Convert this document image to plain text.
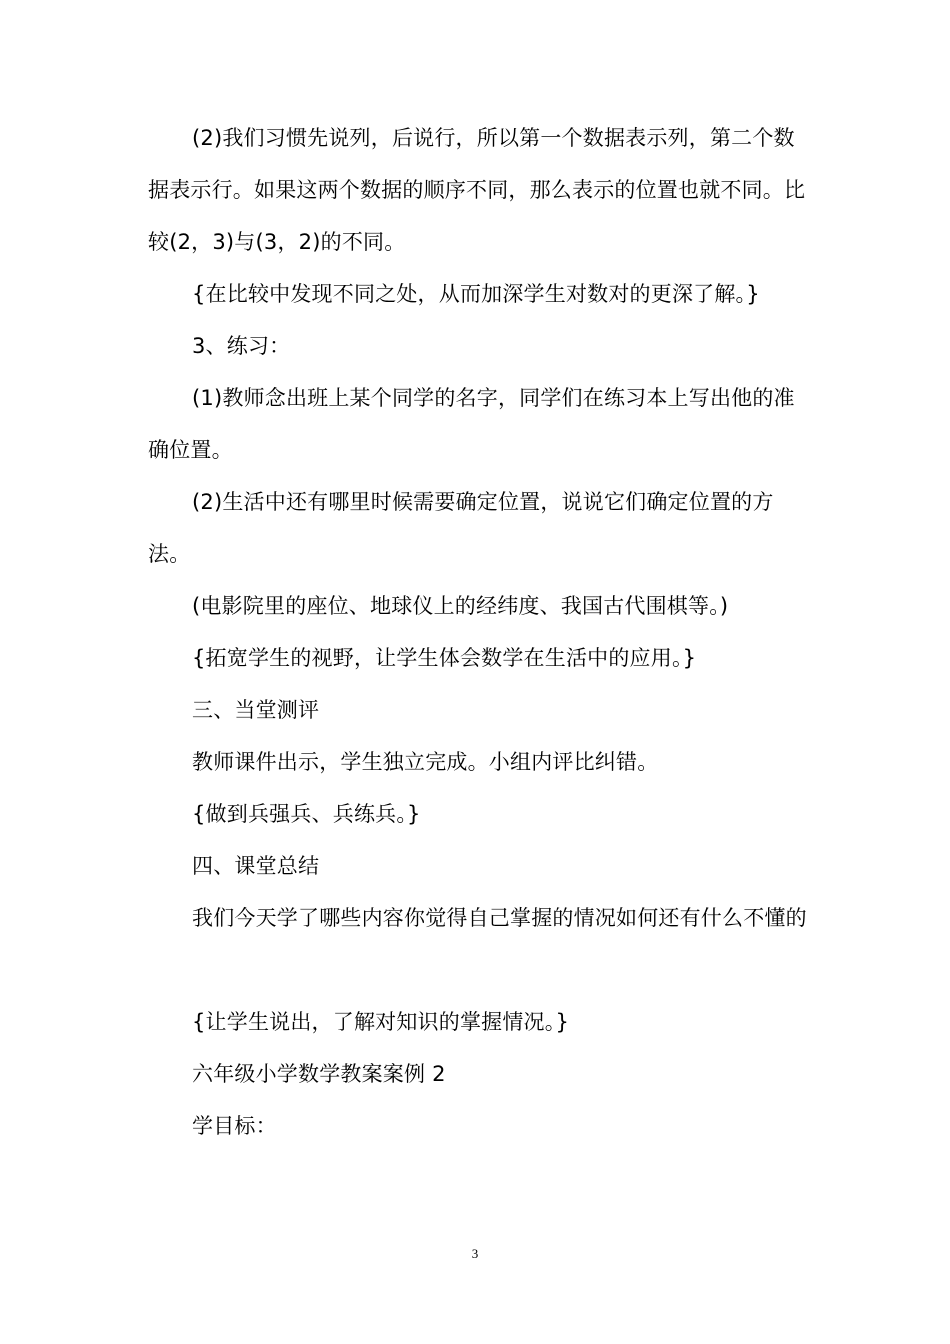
(2)我们习惯先说列，后说行，所以第一个数据表示列，第二个数据表示行。如果这两个数据的顺序不同，那么表示的位置也就不同。比较(2，3)与(3，2)的不同。
{在比较中发现不同之处，从而加深学生对数对的更深了解。}
3、练习：
(1)教师念出班上某个同学的名字，同学们在练习本上写出他的准确位置。
(2)生活中还有哪里时候需要确定位置，说说它们确定位置的方法。
(电影院里的座位、地球仪上的经纬度、我国古代围棋等。)
{拓宽学生的视野，让学生体会数学在生活中的应用。}
三、当堂测评
教师课件出示，学生独立完成。小组内评比纠错。
{做到兵强兵、兵练兵。}
四、课堂总结
我们今天学了哪些内容你觉得自己掌握的情况如何还有什么不懂的
{让学生说出，了解对知识的掌握情况。}
六年级小学数学教案案例 2
学目标：
3
